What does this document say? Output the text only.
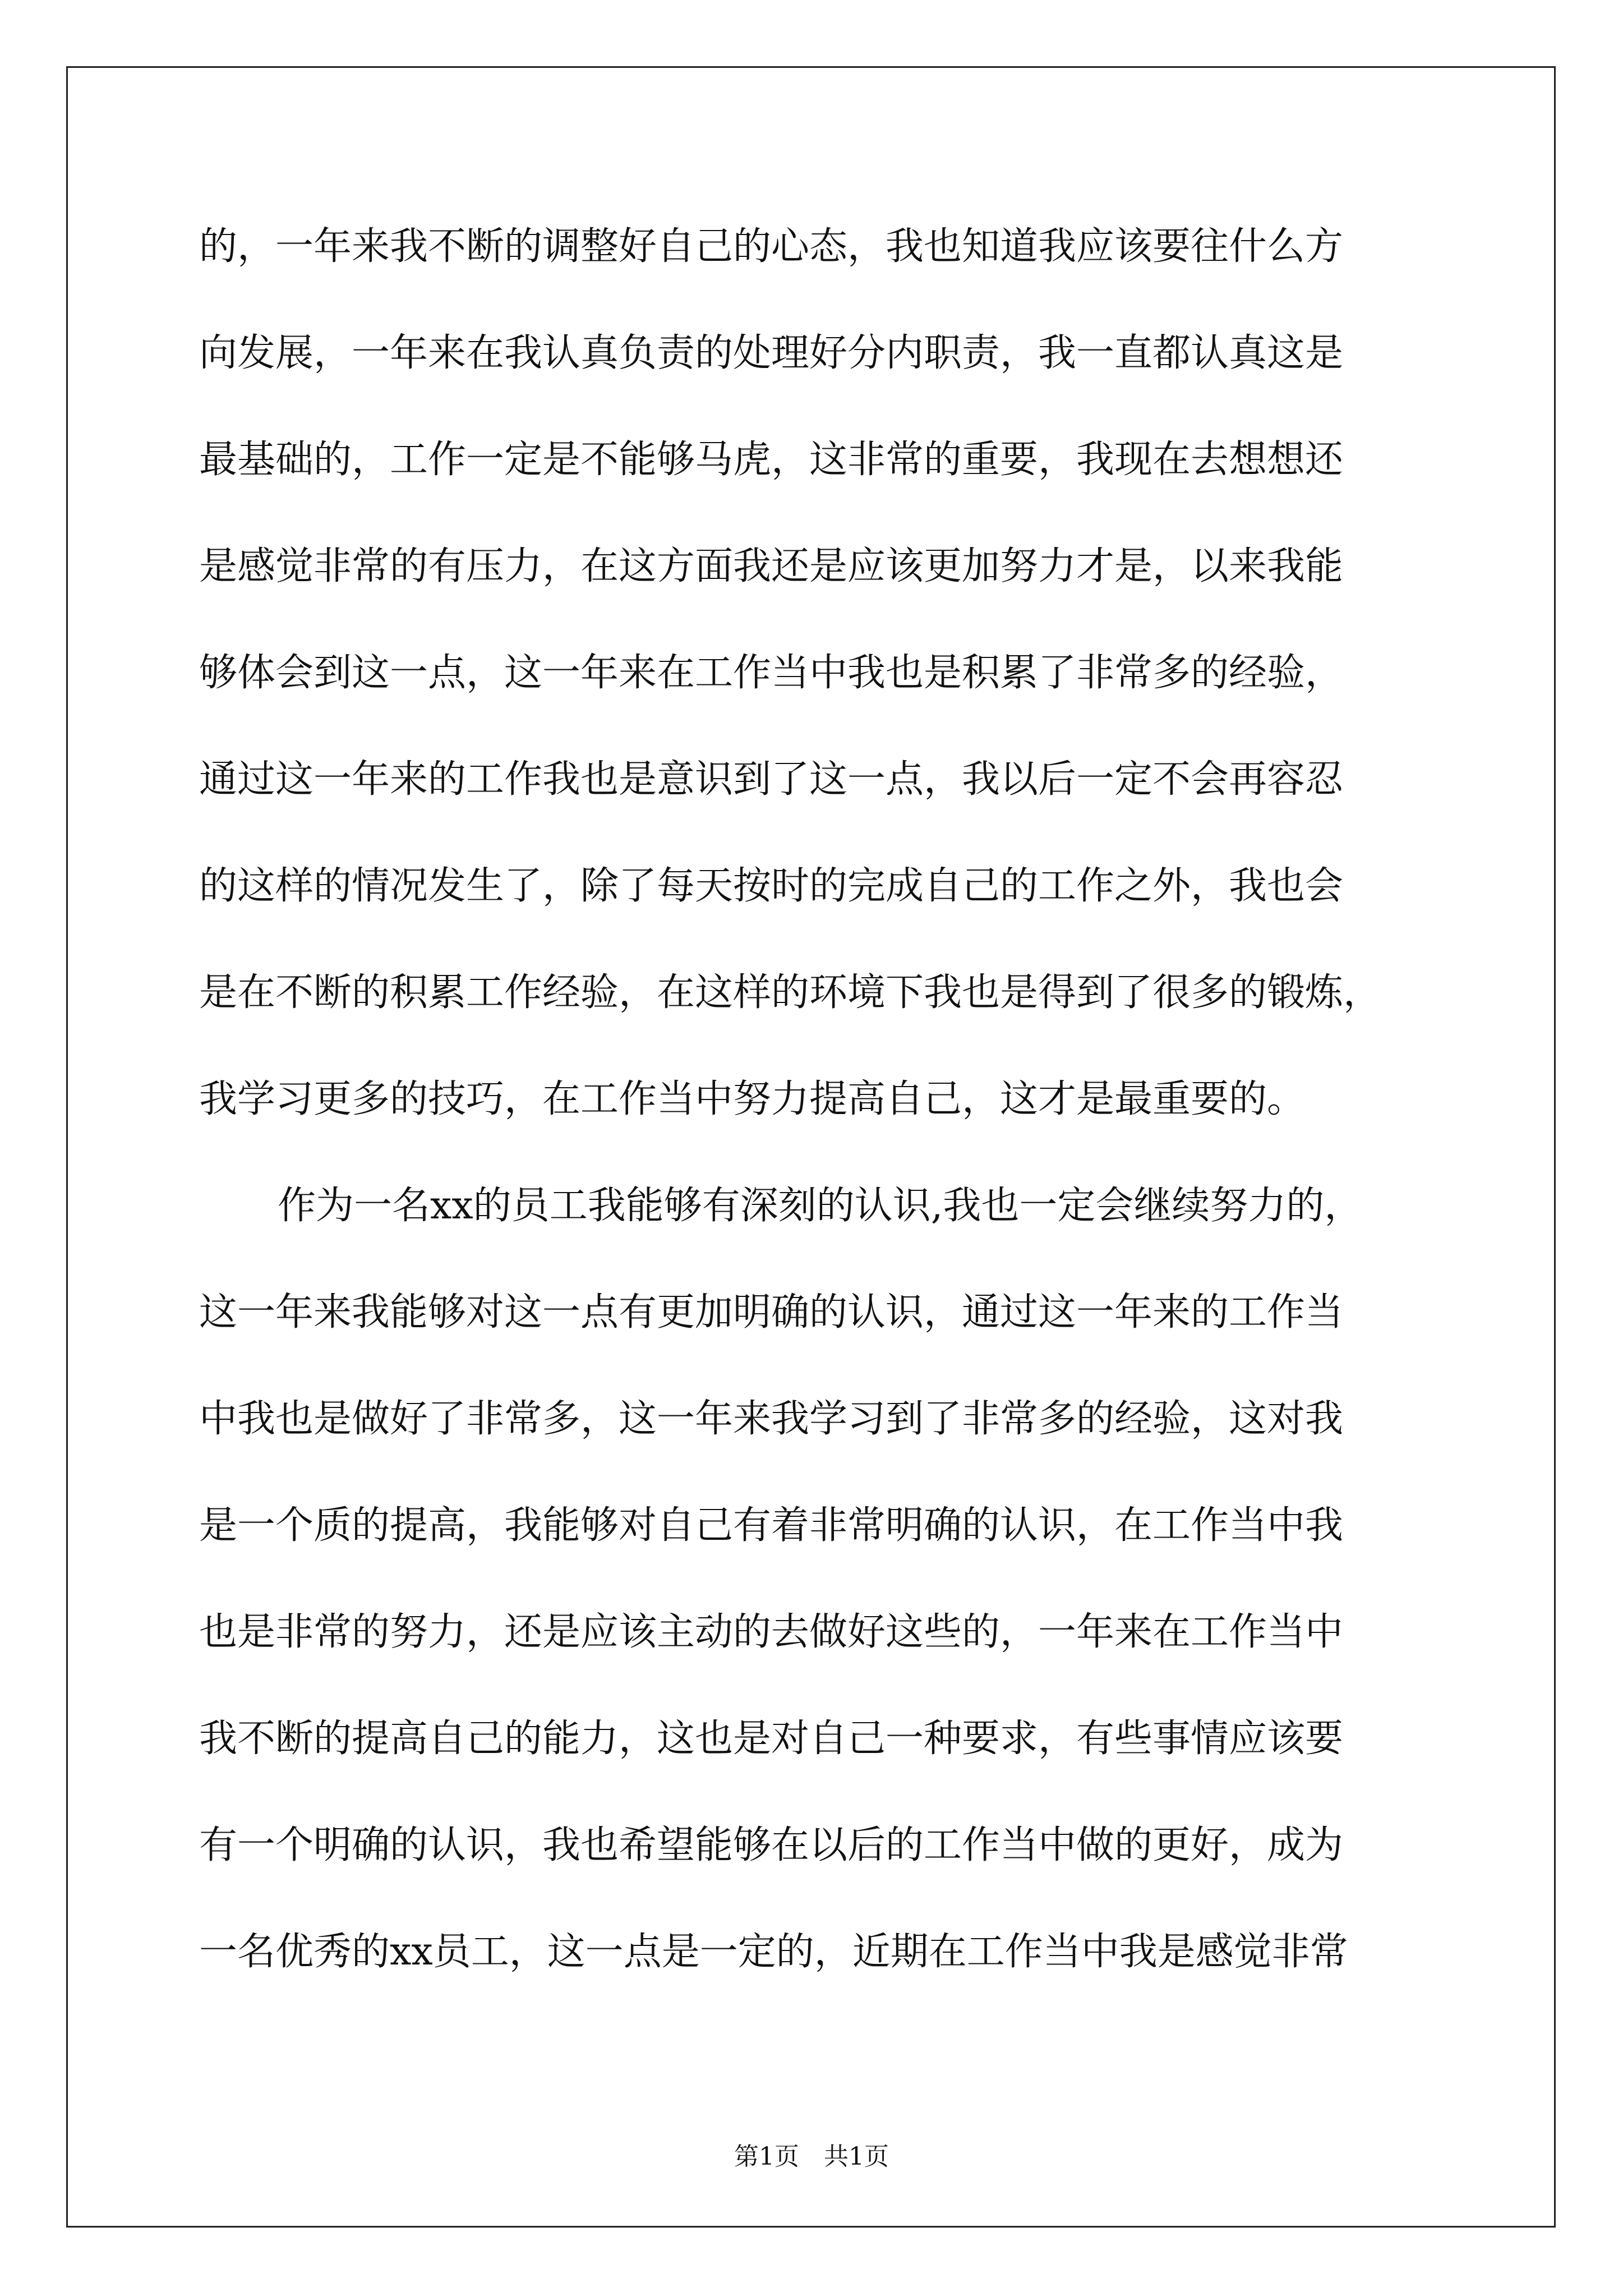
的，一年来我不断的调整好自己的心态，我也知道我应该要往什么方
向发展，一年来在我认真负责的处理好分内职责，我一直都认真这是
最基础的，工作一定是不能够马虎，这非常的重要，我现在去想想还
是感觉非常的有压力，在这方面我还是应该更加努力才是，以来我能
够体会到这一点，这一年来在工作当中我也是积累了非常多的经验，
通过这一年来的工作我也是意识到了这一点，我以后一定不会再容忍
的这样的情况发生了，除了每天按时的完成自己的工作之外，我也会
是在不断的积累工作经验，在这样的环境下我也是得到了很多的锻炼，
我学习更多的技巧，在工作当中努力提高自己，这才是最重要的。
作为一名xx的员工我能够有深刻的认识,我也一定会继续努力的，
这一年来我能够对这一点有更加明确的认识，通过这一年来的工作当
中我也是做好了非常多，这一年来我学习到了非常多的经验，这对我
是一个质的提高，我能够对自己有着非常明确的认识，在工作当中我
也是非常的努力，还是应该主动的去做好这些的，一年来在工作当中
我不断的提高自己的能力，这也是对自己一种要求，有些事情应该要
有一个明确的认识，我也希望能够在以后的工作当中做的更好，成为
一名优秀的xx员工，这一点是一定的，近期在工作当中我是感觉非常
第1页　共1页
